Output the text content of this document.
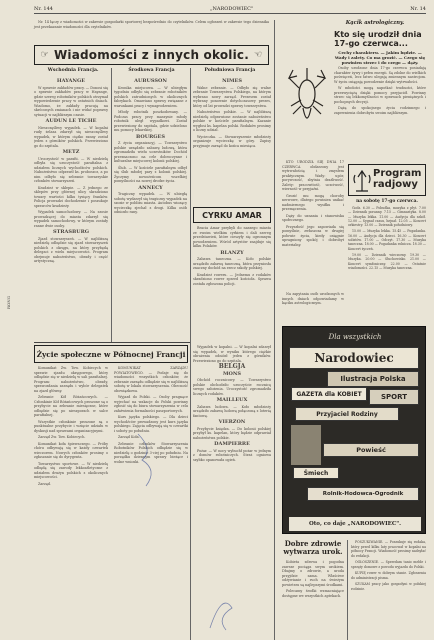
Nr. 144	„NARODOWIEC"	Nr. 14

Nr. 14 łączy z wiadomości w zakresie gospodarki sportowej bezpośrednio do czytelników. Celem ogłoszeń w zakresie tego dziennika jest przekazanie wiadomości dla czytelników.

☞ Wiadomości z innych okolic. ☜
Wschodnia Francja.	Środkowa Francja	Południowa Francja
HAYANGE

W sprawie zakładów pracy. — Donosi się o sprawie zakładów pracy w Hayange, gdzie szereg robotników polskich otrzymał wypowiedzenie pracy w ostatnich dniach. Wiadomo, że zakłady pracują na skróconych zmianach i nie widać poprawy sytuacji w najbliższym czasie.

AUDUN LE TICHE

Nieszczęśliwy wypadek. — W kopalni rudy żelaza zdarzył się nieszczęśliwy wypadek, w którym ciężko ranny został jeden z górników polskich. Przewieziono go do szpitala.

METZ

Uroczystość w parafii. — W niedzielę odbyła się uroczystość parafialna z udziałem licznych wychodźców polskich. Nabożeństwo odprawił ks. proboszcz, a po nim odbyło się zebranie towarzyskie członków stowarzyszeń.

Kradzież w sklepie. — Z jednego ze sklepów przy głównej ulicy skradziono towary wartości kilku tysięcy franków. Policja prowadzi dochodzenie i poszukuje sprawców kradzieży.

Wypadek samochodowy. — Na szosie prowadzącej do miasta zdarzył się wypadek samochodowy, w którym zostały ranne dwie osoby.

STRASBURG

Zjazd stowarzyszeń. — W najbliższą niedzielę odbędzie się zjazd stowarzyszeń polskich z okręgu, na który przybędą delegaci z wielu miejscowości. Program obejmuje nabożeństwo, obrady i część artystyczną.

AUBUSSON

Kronika miejscowa. — W ubiegłym tygodniu odbyło się zebranie robotników polskich zatrudnionych w okolicznych fabrykach. Omawiano sprawy związane z warunkami pracy i wynagrodzeniem.

Młody robotnik poszkodowany. — Podczas pracy przy maszynie młody robotnik uległ wypadkowi. Został przewieziony do szpitala, gdzie udzielono mu pomocy lekarskiej.

BOURGES

Z życia organizacyj. — Towarzystwo polskie urządziło zabawę ludową, która zgromadziła wielu uczestników. Dochód przeznaczono na cele dobroczynne i kulturalne miejscowej kolonii polskiej.

Ślub. — W kościele parafialnym odbył się ślub młodej pary z kolonii polskiej. Życzymy nowożeńcom wszelkiej pomyślności na nowej drodze życia.

ANNECY

Tragiczny wypadek. — W ubiegłą sobotę wydarzył się tragiczny wypadek na szosie w pobliżu miasta. Autobus wiozący wycieczkę zjechał z drogi. Kilka osób odniosło rany.

NIMES

Walne zebranie. — Odbyło się walne zebranie Towarzystwa Polskiego, na którym wybrano nowy zarząd. Prezesem został wybrany ponownie dotychczasowy prezes, który od lat prowadzi sprawy towarzystwa.

Nabożeństwo polskie. — W najbliższą niedzielę odprawione zostanie nabożeństwo polskie w kościele parafialnym. Kazanie wygłosi ks. kapelan polski. Rodaków prosimy o liczny udział.

Wycieczka. — Stowarzyszenie młodzieży organizuje wycieczkę w góry. Zapisy przyjmuje zarząd do końca miesiąca.

CYRKU AMAR

Bracia Amar przybyli do naszego miasta ze swoim wielkim cyrkiem i dali szereg przedstawień, które cieszyły się ogromnym powodzeniem. Wśród artystów znajduje się kilku Polaków.

BLANZY

Zabawa taneczna. — Koło polskie urządziło zabawę taneczną, która przyniosła znaczny dochód na rzecz szkoły polskiej.

Kradzież roweru. — Jednemu z rodaków skradziono rower sprzed kościoła. Sprawa została zgłoszona policji.

Życie społeczne w Północnej Francji

Komunikat Zw. Tow. Kobiecych w sprawie zjazdu okręgowego, który odbędzie się w niedzielę w sali parafialnej. Program: nabożeństwo, obrady, sprawozdania zarządu i wybór delegatek na zjazd główny.

Zebranie Kół Różańcowych. — Członkinie Kół Różańcowych proszone są o przybycie na zebranie miesięczne, które odbędzie się po nieszporach w salce parafialnej.

Wszystkie członkinie proszone są o punktualne przybycie i wzięcie udziału w dyskusji nad sprawami organizacyjnymi.

Zarząd Zw. Tow. Kobiecych.

Komunikat koła śpiewaczego. — Próby chóru odbywają się w każdy czwartek wieczorem. Nowych członków prosimy o zgłaszanie się do dyrygenta.

Towarzystwo sportowe. — W niedzielę odbędą się zawody lekkoatletyczne z udziałem drużyn polskich z okolicznych miejscowości.

Zarząd.

KOMUNIKAT ZARZĄDU POWIATOWEGO. — Podaje się do wiadomości wszystkich członków, że zebranie zarządu odbędzie się w najbliższą sobotę w lokalu stowarzyszenia. Obecność obowiązkowa.

Wyjazd do Polski. — Osoby pragnące wyjechać na wakacje do Polski powinny zgłosić się do biura stowarzyszenia w celu załatwienia formalności paszportowych.

Kurs języka polskiego. — Dla dzieci wychodźców prowadzony jest kurs języka polskiego. Zajęcia odbywają się w czwartki i soboty po południu.

Zarząd Koła.

Zebranie członków Stowarzyszenia Robotników Polskich odbędzie się w niedzielę o godzinie 3-ciej po południu. Na porządku dziennym sprawy bieżące i wolne wnioski.

Wypadek w kopalni. — W kopalni zdarzył się wypadek, w wyniku którego ciężkie obrażenia odniósł jeden z górników. Przewieziono go do szpitala.

BELGJA
MONS

Obchód rocznicowy. — Towarzystwo polskie obchodziło uroczyście rocznicę swego założenia. Uroczystość zgromadziła licznych rodaków.

MAILLEUX

Zabawa ludowa. — Koło młodzieży urządziło zabawę ludową połączoną z loterią fantową.

VIERZON

Przybycie księdza. — Do kolonii polskiej przybył ks. kapelan, który będzie odprawiał nabożeństwa polskie.

DAMPIERRE

Pożar. — W nocy wybuchł pożar w jednym z domów robotniczych. Straż ogniowa szybko opanowała ogień.

Kącik astrologiczny.
Kto się urodził dnia 17-go czerwca...
Cechy charakteru. — Jakim będzie. — Wady i zalety. Co ma grozić. — Czego się powinien strzec i do czego — dąży.

Osoby urodzone dnia 17-go czerwca posiadają charakter żywy i pełen energii. Są zdolne do wielkich poświęceń, lecz łatwo ulegają zmiennym nastrojom. W życiu osiągają powodzenie dzięki wytrwałości.

W młodości mogą napotkać trudności, które przezwyciężą dzięki pomocy przyjaciół. Powinny strzec się lekkomyślności w sprawach pieniężnych i pochopnych decyzji.

Dążą do spokojnego życia rodzinnego i zapewnienia dobrobytu swoim najbliższym.

KTO URODZIŁ SIĘ DNIA 17 CZERWCA obdarzony jest wytrwałością i zmysłem praktycznym. Wady: upór, porywczość, zbytnia drażliwość. Zalety: pracowitość, uczciwość, wierność w przyjaźni.

Grozić mu mogą choroby nerwowe, dlatego powinien unikać nadmiernego wysiłku i przemęczenia.

Dąży do uznania i stanowiska społecznego.

Przyszłość jego zapowiada się pomyślnie, zwłaszcza w drugiej połowie życia, kiedy osiągnie upragniony spokój i dobrobyt materialny.

Program radjowy
na sobotę 17-go czerwca.

Godz. 6.30 — Pobudka, muzyka z płyt. 7.00 — Dziennik poranny. 7.15 — Gimnastyka. 8.00 — Muzyka lekka. 11.00 — Audycja dla szkół. 12.00 — Sygnał czasu, hejnał. 12.05 — Koncert orkiestry. 13.00 — Dziennik południowy.

15.00 — Muzyka lekka. 15.45 — Pogadanka. 16.00 — Audycja dla dzieci. 16.30 — Koncert solistów. 17.00 — Odczyt. 17.30 — Muzyka taneczna. 18.00 — Pogadanka rolnicza. 18.30 — Koncert życzeń.

19.00 — Dziennik wieczorny. 19.30 — Muzyka. 20.00 — Słuchowisko. 21.00 — Koncert symfoniczny. 22.00 — Ostatnie wiadomości. 22.15 — Muzyka taneczna.

Na zapytania osób urodzonych w innych dniach odpowiadamy w kąciku astrologicznym.

Dla wszystkich
Narodowiec
Ilustracja Polska
GAZETA dla KOBIET	SPORT
Przyjaciel Rodziny
Powieść
Śmiech
Rolnik-Hodowca-Ogrodnik
Oto, co daje „NARODOWIEC".
Dobre zdrowie wytwarza urok.

Kobieta zdrowa i pogodna zawsze pociąga swym urokiem. Dbajmy o zdrowie, a uroda przyjdzie sama. Właściwe odżywianie i ruch na świeżym powietrzu są najlepszymi środkami.

Polecamy środki wzmacniające dostępne we wszystkich aptekach.

POSZUKIWANIE. — Poszukuje się rodaka, który przed kilku laty pracował w kopalni na północy Francji. Wiadomość prosimy nadsyłać do redakcji.

OGŁOSZENIE. — Sprzedam tanio meble i sprzęty domowe z powodu wyjazdu do Polski.

KUPIĘ rower w dobrym stanie. Zgłoszenia do administracji pisma.

SZUKAM pracy jako gospodyni w polskiej rodzinie.

RONG
